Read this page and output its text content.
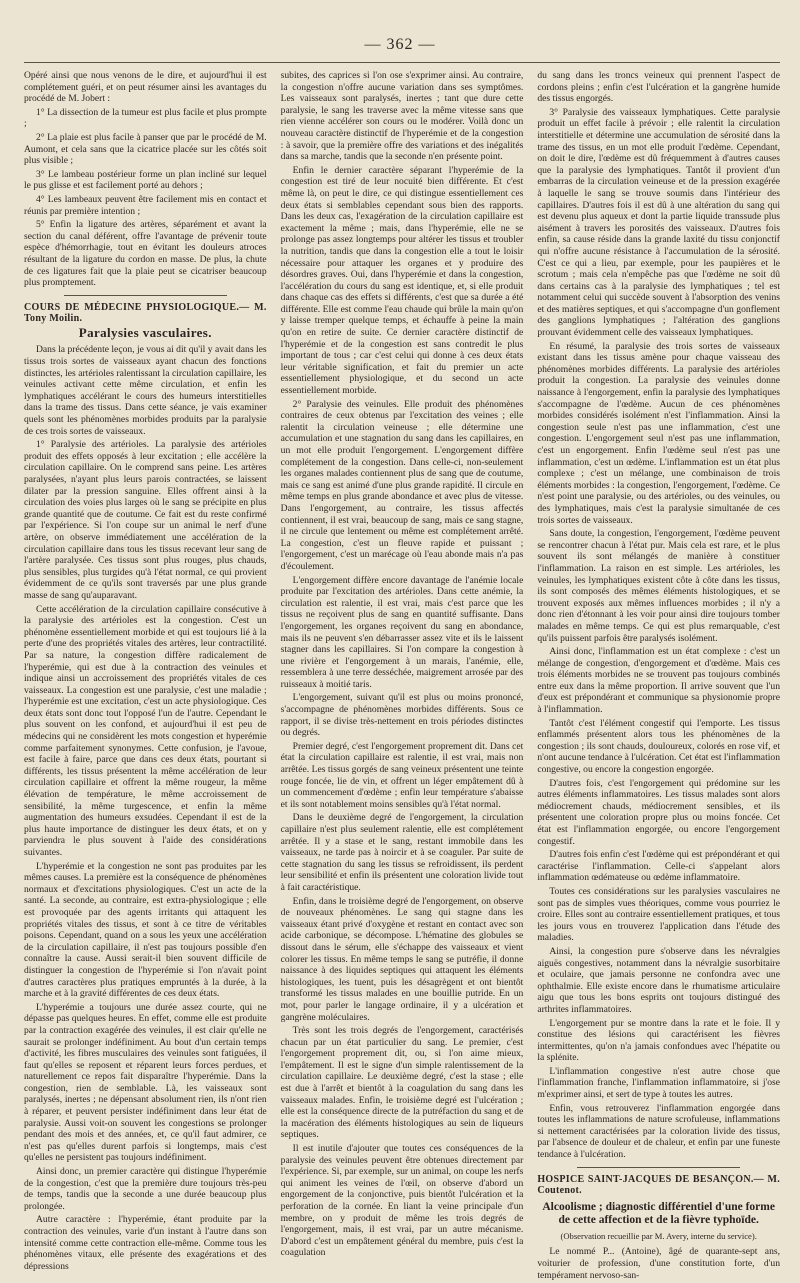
— 362 —

Opéré ainsi que nous venons de le dire, et aujourd'hui il est complétement guéri, et on peut résumer ainsi les avantages du procédé de M. Jobert :

1° La dissection de la tumeur est plus facile et plus prompte ;

2° La plaie est plus facile à panser que par le procédé de M. Aumont, et cela sans que la cicatrice placée sur les côtés soit plus visible ;

3° Le lambeau postérieur forme un plan incliné sur lequel le pus glisse et est facilement porté au dehors ;

4° Les lambeaux peuvent être facilement mis en contact et réunis par première intention ;

5° Enfin la ligature des artères, séparément et avant la section du canal déférent, offre l'avantage de prévenir toute espèce d'hémorrhagie, tout en évitant les douleurs atroces résultant de la ligature du cordon en masse. De plus, la chute de ces ligatures fait que la plaie peut se cicatriser beaucoup plus promptement.

COURS DE MÉDECINE PHYSIOLOGIQUE.— M. Tony Moilin.
Paralysies vasculaires.

Dans la précédente leçon, je vous ai dit qu'il y avait dans les tissus trois sortes de vaisseaux ayant chacun des fonctions distinctes, les artérioles ralentissant la circulation capillaire, les veinules activant cette même circulation, et enfin les lymphatiques accélérant le cours des humeurs interstitielles dans la trame des tissus. Dans cette séance, je vais examiner quels sont les phénomènes morbides produits par la paralysie de ces trois sortes de vaisseaux.

1° Paralysie des artérioles. La paralysie des artérioles produit des effets opposés à leur excitation ; elle accélère la circulation capillaire. On le comprend sans peine. Les artères paralysées, n'ayant plus leurs parois contractées, se laissent dilater par la pression sanguine. Elles offrent ainsi à la circulation des voies plus larges où le sang se précipite en plus grande quantité que de coutume. Ce fait est du reste confirmé par l'expérience. Si l'on coupe sur un animal le nerf d'une artère, on observe immédiatement une accélération de la circulation capillaire dans tous les tissus recevant leur sang de l'artère paralysée. Ces tissus sont plus rouges, plus chauds, plus sensibles, plus turgides qu'à l'état normal, ce qui provient évidemment de ce qu'ils sont traversés par une plus grande masse de sang qu'auparavant.

Cette accélération de la circulation capillaire consécutive à la paralysie des artérioles est la congestion. C'est un phénomène essentiellement morbide et qui est toujours lié à la perte d'une des propriétés vitales des artères, leur contractilité. Par sa nature, la congestion diffère radicalement de l'hyperémie, qui est due à la contraction des veinules et indique ainsi un accroissement des propriétés vitales de ces vaisseaux. La congestion est une paralysie, c'est une maladie ; l'hyperémie est une excitation, c'est un acte physiologique. Ces deux états sont donc tout l'opposé l'un de l'autre. Cependant le plus souvent on les confond, et aujourd'hui il est peu de médecins qui ne considèrent les mots congestion et hyperémie comme parfaitement synonymes. Cette confusion, je l'avoue, est facile à faire, parce que dans ces deux états, pourtant si différents, les tissus présentent la même accélération de leur circulation capillaire et offrent la même rougeur, la même élévation de température, le même accroissement de sensibilité, la même turgescence, et enfin la même augmentation des humeurs exsudées. Cependant il est de la plus haute importance de distinguer les deux états, et on y parviendra le plus souvent à l'aide des considérations suivantes.

L'hyperémie et la congestion ne sont pas produites par les mêmes causes. La première est la conséquence de phénomènes normaux et d'excitations physiologiques. C'est un acte de la santé. La seconde, au contraire, est extra-physiologique ; elle est provoquée par des agents irritants qui attaquent les propriétés vitales des tissus, et sont à ce titre de véritables poisons. Cependant, quand on a sous les yeux une accélération de la circulation capillaire, il n'est pas toujours possible d'en connaître la cause. Aussi serait-il bien souvent difficile de distinguer la congestion de l'hyperémie si l'on n'avait point d'autres caractères plus pratiques empruntés à la durée, à la marche et à la gravité différentes de ces deux états.

L'hyperémie a toujours une durée assez courte, qui ne dépasse pas quelques heures. En effet, comme elle est produite par la contraction exagérée des veinules, il est clair qu'elle ne saurait se prolonger indéfiniment. Au bout d'un certain temps d'activité, les fibres musculaires des veinules sont fatiguées, il faut qu'elles se reposent et réparent leurs forces perdues, et naturellement ce repos fait disparaître l'hyperémie. Dans la congestion, rien de semblable. Là, les vaisseaux sont paralysés, inertes ; ne dépensant absolument rien, ils n'ont rien à réparer, et peuvent persister indéfiniment dans leur état de paralysie. Aussi voit-on souvent les congestions se prolonger pendant des mois et des années, et, ce qu'il faut admirer, ce n'est pas qu'elles durent parfois si longtemps, mais c'est qu'elles ne persistent pas toujours indéfiniment.

Ainsi donc, un premier caractère qui distingue l'hyperémie de la congestion, c'est que la première dure toujours très-peu de temps, tandis que la seconde a une durée beaucoup plus prolongée.

Autre caractère : l'hyperémie, étant produite par la contraction des veinules, varie d'un instant à l'autre dans son intensité comme cette contraction elle-même. Comme tous les phénomènes vitaux, elle présente des exagérations et des dépressions

subites, des caprices si l'on ose s'exprimer ainsi. Au contraire, la congestion n'offre aucune variation dans ses symptômes. Les vaisseaux sont paralysés, inertes ; tant que dure cette paralysie, le sang les traverse avec la même vitesse sans que rien vienne accélérer son cours ou le modérer. Voilà donc un nouveau caractère distinctif de l'hyperémie et de la congestion : à savoir, que la première offre des variations et des inégalités dans sa marche, tandis que la seconde n'en présente point.

Enfin le dernier caractère séparant l'hyperémie de la congestion est tiré de leur nocuité bien différente. Et c'est même là, on peut le dire, ce qui distingue essentiellement ces deux états si semblables cependant sous bien des rapports. Dans les deux cas, l'exagération de la circulation capillaire est exactement la même ; mais, dans l'hyperémie, elle ne se prolonge pas assez longtemps pour altérer les tissus et troubler la nutrition, tandis que dans la congestion elle a tout le loisir nécessaire pour attaquer les organes et y produire des désordres graves. Oui, dans l'hyperémie et dans la congestion, l'accélération du cours du sang est identique, et, si elle produit dans chaque cas des effets si différents, c'est que sa durée a été différente. Elle est comme l'eau chaude qui brûle la main qu'on y laisse tremper quelque temps, et échauffe à peine la main qu'on en retire de suite. Ce dernier caractère distinctif de l'hyperémie et de la congestion est sans contredit le plus important de tous ; car c'est celui qui donne à ces deux états leur véritable signification, et fait du premier un acte essentiellement physiologique, et du second un acte essentiellement morbide.

2° Paralysie des veinules. Elle produit des phénomènes contraires de ceux obtenus par l'excitation des veines ; elle ralentit la circulation veineuse ; elle détermine une accumulation et une stagnation du sang dans les capillaires, en un mot elle produit l'engorgement. L'engorgement diffère complétement de la congestion. Dans celle-ci, non-seulement les organes malades contiennent plus de sang que de coutume, mais ce sang est animé d'une plus grande rapidité. Il circule en même temps en plus grande abondance et avec plus de vitesse. Dans l'engorgement, au contraire, les tissus affectés contiennent, il est vrai, beaucoup de sang, mais ce sang stagne, il ne circule que lentement ou même est complétement arrêté. La congestion, c'est un fleuve rapide et puissant ; l'engorgement, c'est un marécage où l'eau abonde mais n'a pas d'écoulement.

L'engorgement diffère encore davantage de l'anémie locale produite par l'excitation des artérioles. Dans cette anémie, la circulation est ralentie, il est vrai, mais c'est parce que les tissus ne reçoivent plus de sang en quantité suffisante. Dans l'engorgement, les organes reçoivent du sang en abondance, mais ils ne peuvent s'en débarrasser assez vite et ils le laissent stagner dans les capillaires. Si l'on compare la congestion à une rivière et l'engorgement à un marais, l'anémie, elle, ressemblera à une terre desséchée, maigrement arrosée par des ruisseaux à moitié taris.

L'engorgement, suivant qu'il est plus ou moins prononcé, s'accompagne de phénomènes morbides différents. Sous ce rapport, il se divise très-nettement en trois périodes distinctes ou degrés.

Premier degré, c'est l'engorgement proprement dit. Dans cet état la circulation capillaire est ralentie, il est vrai, mais non arrêtée. Les tissus gorgés de sang veineux présentent une teinte rouge foncée, lie de vin, et offrent un léger empâtement dû à un commencement d'œdème ; enfin leur température s'abaisse et ils sont notablement moins sensibles qu'à l'état normal.

Dans le deuxième degré de l'engorgement, la circulation capillaire n'est plus seulement ralentie, elle est complétement arrêtée. Il y a stase et le sang, restant immobile dans les vaisseaux, ne tarde pas à noircir et à se coaguler. Par suite de cette stagnation du sang les tissus se refroidissent, ils perdent leur sensibilité et enfin ils présentent une coloration livide tout à fait caractéristique.

Enfin, dans le troisième degré de l'engorgement, on observe de nouveaux phénomènes. Le sang qui stagne dans les vaisseaux étant privé d'oxygène et restant en contact avec son acide carbonique, se décompose. L'hématine des globules se dissout dans le sérum, elle s'échappe des vaisseaux et vient colorer les tissus. En même temps le sang se putréfie, il donne naissance à des liquides septiques qui attaquent les éléments histologiques, les tuent, puis les désagrègent et ont bientôt transformé les tissus malades en une bouillie putride. En un mot, pour parler le langage ordinaire, il y a ulcération et gangrène moléculaires.

Très sont les trois degrés de l'engorgement, caractérisés chacun par un état particulier du sang. Le premier, c'est l'engorgement proprement dit, ou, si l'on aime mieux, l'empâtement. Il est le signe d'un simple ralentissement de la circulation capillaire. Le deuxième degré, c'est la stase ; elle est due à l'arrêt et bientôt à la coagulation du sang dans les vaisseaux malades. Enfin, le troisième degré est l'ulcération ; elle est la conséquence directe de la putréfaction du sang et de la macération des éléments histologiques au sein de liqueurs septiques.

Il est inutile d'ajouter que toutes ces conséquences de la paralysie des veinules peuvent être obtenues directement par l'expérience. Si, par exemple, sur un animal, on coupe les nerfs qui animent les veines de l'œil, on observe d'abord un engorgement de la conjonctive, puis bientôt l'ulcération et la perforation de la cornée. En liant la veine principale d'un membre, on y produit de même les trois degrés de l'engorgement, mais, il est vrai, par un autre mécanisme. D'abord c'est un empâtement général du membre, puis c'est la coagulation

du sang dans les troncs veineux qui prennent l'aspect de cordons pleins ; enfin c'est l'ulcération et la gangrène humide des tissus engorgés.

3° Paralysie des vaisseaux lymphatiques. Cette paralysie produit un effet facile à prévoir ; elle ralentit la circulation interstitielle et détermine une accumulation de sérosité dans la trame des tissus, en un mot elle produit l'œdème. Cependant, on doit le dire, l'œdème est dû fréquemment à d'autres causes que la paralysie des lymphatiques. Tantôt il provient d'un embarras de la circulation veineuse et de la pression exagérée à laquelle le sang se trouve soumis dans l'intérieur des capillaires. D'autres fois il est dû à une altération du sang qui est devenu plus aqueux et dont la partie liquide transsude plus aisément à travers les porosités des vaisseaux. D'autres fois enfin, sa cause réside dans la grande laxité du tissu conjonctif qui n'offre aucune résistance à l'accumulation de la sérosité. C'est ce qui a lieu, par exemple, pour les paupières et le scrotum ; mais cela n'empêche pas que l'œdème ne soit dû dans certains cas à la paralysie des lymphatiques ; tel est notamment celui qui succède souvent à l'absorption des venins et des matières septiques, et qui s'accompagne d'un gonflement des ganglions lymphatiques ; l'altération des ganglions prouvant évidemment celle des vaisseaux lymphatiques.

En résumé, la paralysie des trois sortes de vaisseaux existant dans les tissus amène pour chaque vaisseau des phénomènes morbides différents. La paralysie des artérioles produit la congestion. La paralysie des veinules donne naissance à l'engorgement, enfin la paralysie des lymphatiques s'accompagne de l'œdème. Aucun de ces phénomènes morbides considérés isolément n'est l'inflammation. Ainsi la congestion seule n'est pas une inflammation, c'est une congestion. L'engorgement seul n'est pas une inflammation, c'est un engorgement. Enfin l'œdème seul n'est pas une inflammation, c'est un œdème. L'inflammation est un état plus complexe ; c'est un mélange, une combinaison de trois éléments morbides : la congestion, l'engorgement, l'œdème. Ce n'est point une paralysie, ou des artérioles, ou des veinules, ou des lymphatiques, mais c'est la paralysie simultanée de ces trois sortes de vaisseaux.

Sans doute, la congestion, l'engorgement, l'œdème peuvent se rencontrer chacun à l'état pur. Mais cela est rare, et le plus souvent ils sont mélangés de manière à constituer l'inflammation. La raison en est simple. Les artérioles, les veinules, les lymphatiques existent côte à côte dans les tissus, ils sont composés des mêmes éléments histologiques, et se trouvent exposés aux mêmes influences morbides ; il n'y a donc rien d'étonnant à les voir pour ainsi dire toujours tomber malades en même temps. Ce qui est plus remarquable, c'est qu'ils puissent parfois être paralysés isolément.

Ainsi donc, l'inflammation est un état complexe : c'est un mélange de congestion, d'engorgement et d'œdème. Mais ces trois éléments morbides ne se trouvent pas toujours combinés entre eux dans la même proportion. Il arrive souvent que l'un d'eux est prépondérant et communique sa physionomie propre à l'inflammation.

Tantôt c'est l'élément congestif qui l'emporte. Les tissus enflammés présentent alors tous les phénomènes de la congestion ; ils sont chauds, douloureux, colorés en rose vif, et n'ont aucune tendance à l'ulcération. Cet état est l'inflammation congestive, ou encore la congestion engorgée.

D'autres fois, c'est l'engorgement qui prédomine sur les autres éléments inflammatoires. Les tissus malades sont alors médiocrement chauds, médiocrement sensibles, et ils présentent une coloration propre plus ou moins foncée. Cet état est l'inflammation engorgée, ou encore l'engorgement congestif.

D'autres fois enfin c'est l'œdème qui est prépondérant et qui caractérise l'inflammation. Celle-ci s'appelant alors inflammation œdémateuse ou œdème inflammatoire.

Toutes ces considérations sur les paralysies vasculaires ne sont pas de simples vues théoriques, comme vous pourriez le croire. Elles sont au contraire essentiellement pratiques, et tous les jours vous en trouverez l'application dans l'étude des maladies.

Ainsi, la congestion pure s'observe dans les névralgies aiguës congestives, notamment dans la névralgie susorbitaire et oculaire, que jamais personne ne confondra avec une ophthalmie. Elle existe encore dans le rhumatisme articulaire aigu que tous les bons esprits ont toujours distingué des arthrites inflammatoires.

L'engorgement pur se montre dans la rate et le foie. Il y constitue des lésions qui caractérisent les fièvres intermittentes, qu'on n'a jamais confondues avec l'hépatite ou la splénite.

L'inflammation congestive n'est autre chose que l'inflammation franche, l'inflammation inflammatoire, si j'ose m'exprimer ainsi, et sert de type à toutes les autres.

Enfin, vous retrouverez l'inflammation engorgée dans toutes les inflammations de nature scrofuleuse, inflammations si nettement caractérisées par la coloration livide des tissus, par l'absence de douleur et de chaleur, et enfin par une funeste tendance à l'ulcération.

HOSPICE SAINT-JACQUES DE BESANÇON.— M. Coutenot.
Alcoolisme ; diagnostic différentiel d'une forme de cette affection et de la fièvre typhoïde.
(Observation recueillie par M. Avery, interne du service).

Le nommé P... (Antoine), âgé de quarante-sept ans, voiturier de profession, d'une constitution forte, d'un tempérament nervoso-san-
